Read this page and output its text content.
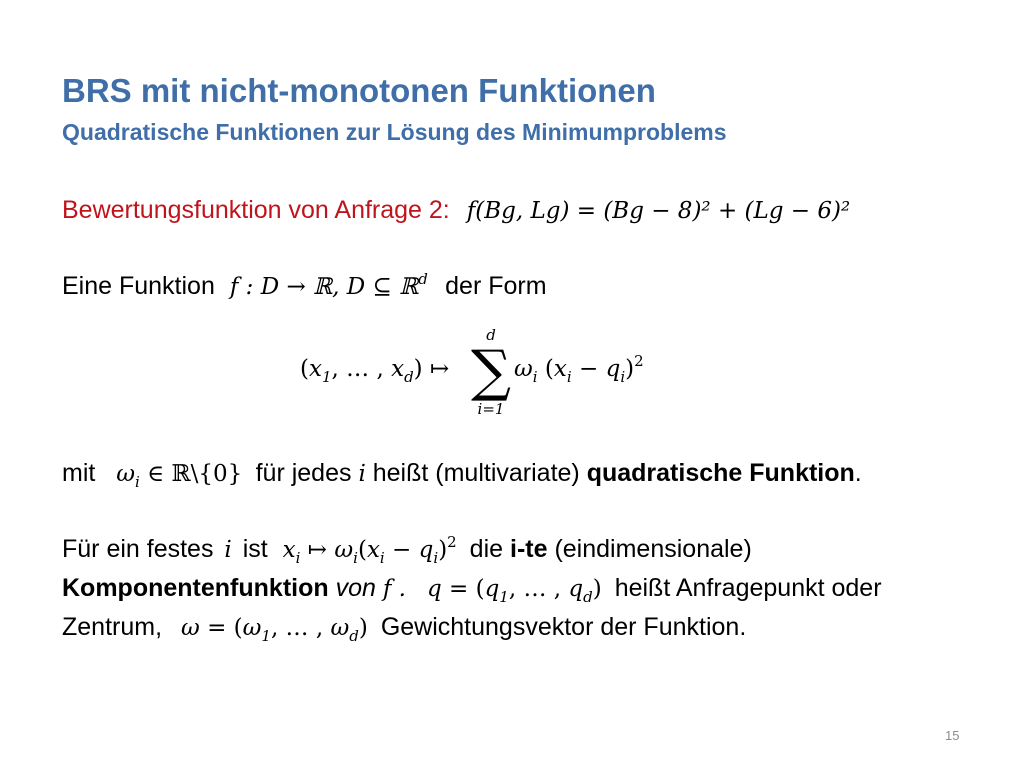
BRS mit nicht-monotonen Funktionen
Quadratische Funktionen zur Lösung des Minimumproblems
Bewertungsfunktion von Anfrage 2: 𝑓(𝐵𝑔, 𝐿𝑔) = (𝐵𝑔 − 8)² + (𝐿𝑔 − 6)²
Eine Funktion f : D → ℝ, D ⊆ ℝ$^d$ der Form
($x_1$, … , $x_d$) ↦
d
∑
i=1
$\omega_i$ $(x_i - q_i)^2$
mit $\omega_i$ ∈ ℝ\{0} für jedes i heißt (multivariate) quadratische Funktion.
Für ein festes i ist $x_i$ ↦ $\omega_i(x_i - q_i)^2$ die i-te (eindimensionale)
Komponentenfunktion von f . $q = (q_1$, … , $q_d$) heißt Anfragepunkt oder
Zentrum, $\omega = (\omega_1$, … , $\omega_d$) Gewichtungsvektor der Funktion.
15
